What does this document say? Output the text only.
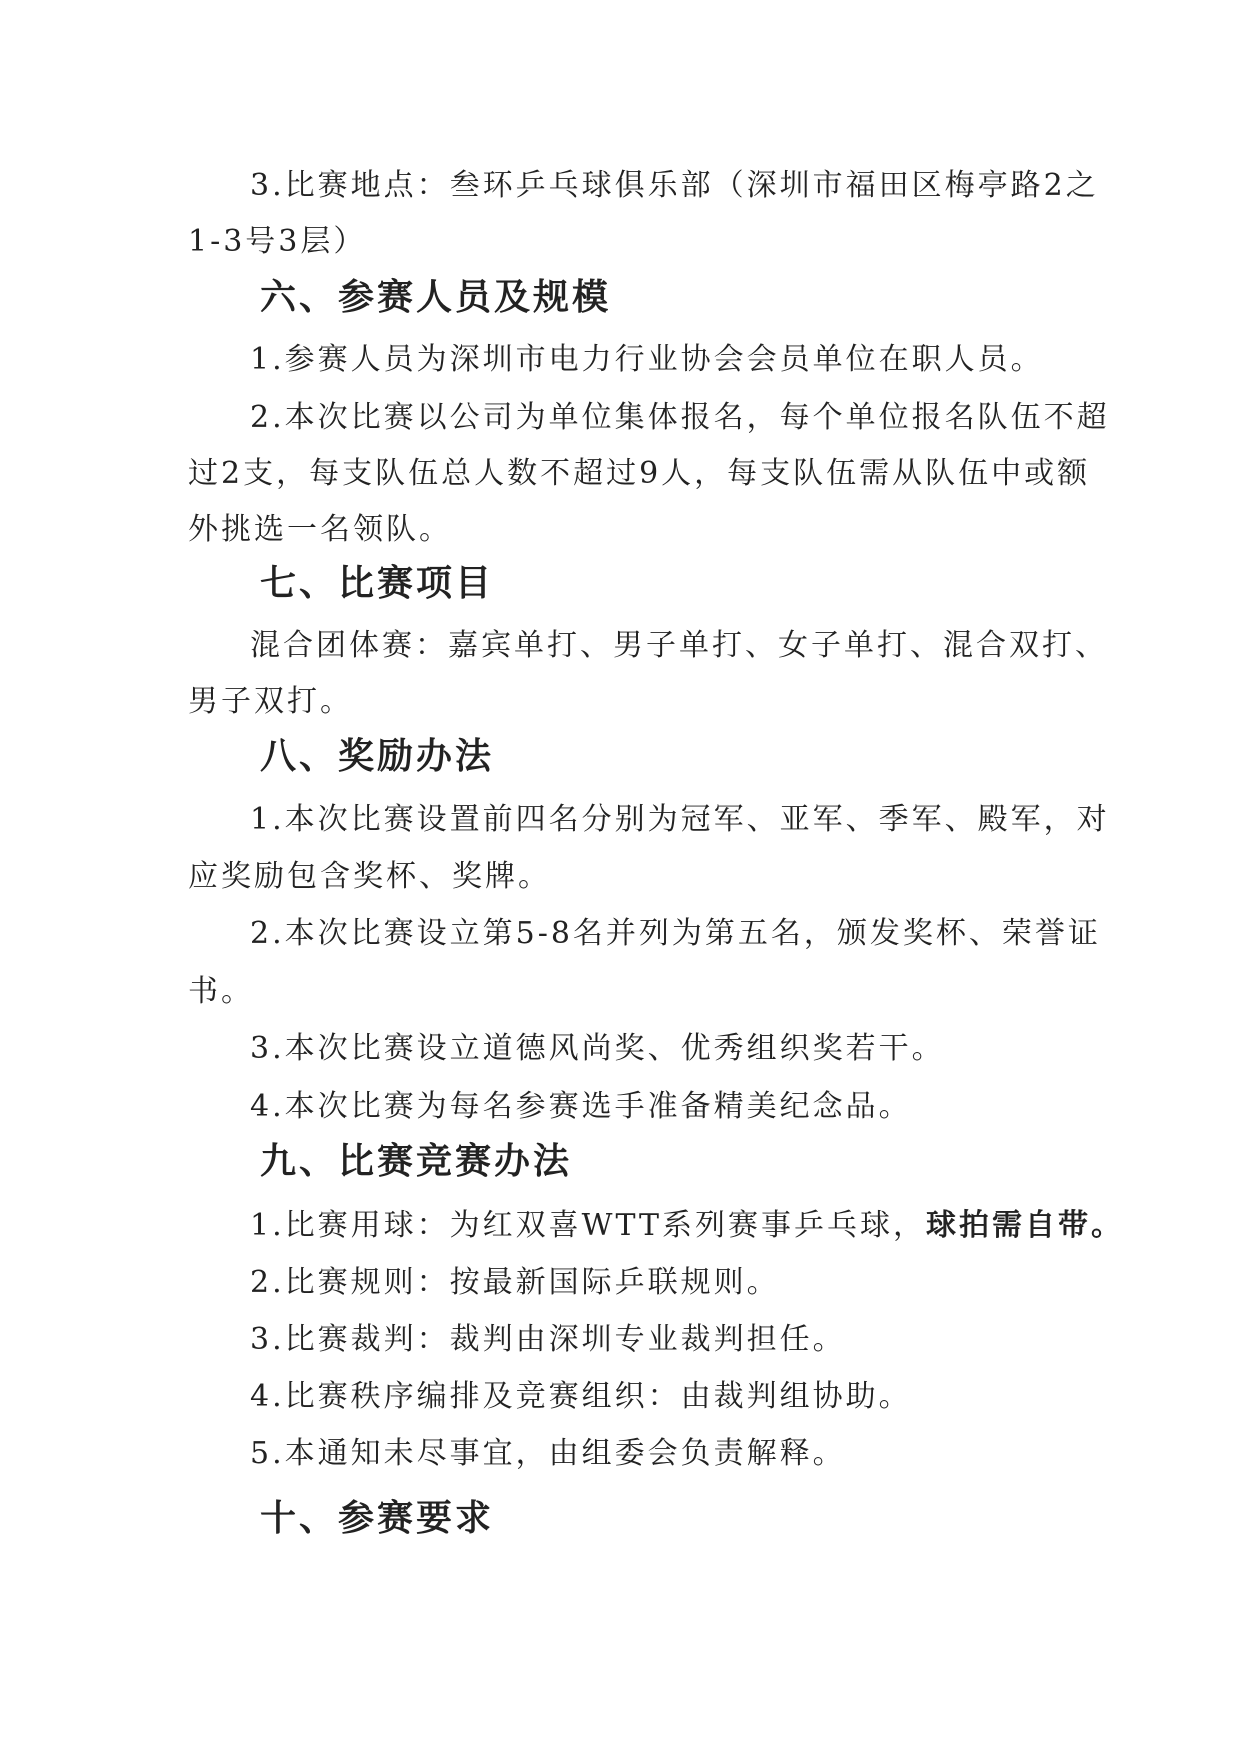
3.比赛地点：叁环乒乓球俱乐部（深圳市福田区梅亭路2之
1-3号3层）
六、参赛人员及规模
1.参赛人员为深圳市电力行业协会会员单位在职人员。
2.本次比赛以公司为单位集体报名，每个单位报名队伍不超
过2支，每支队伍总人数不超过9人，每支队伍需从队伍中或额
外挑选一名领队。
七、比赛项目
混合团体赛：嘉宾单打、男子单打、女子单打、混合双打、
男子双打。
八、奖励办法
1.本次比赛设置前四名分别为冠军、亚军、季军、殿军，对
应奖励包含奖杯、奖牌。
2.本次比赛设立第5-8名并列为第五名，颁发奖杯、荣誉证
书。
3.本次比赛设立道德风尚奖、优秀组织奖若干。
4.本次比赛为每名参赛选手准备精美纪念品。
九、比赛竞赛办法
1.比赛用球：为红双喜WTT系列赛事乒乓球，球拍需自带。
2.比赛规则：按最新国际乒联规则。
3.比赛裁判：裁判由深圳专业裁判担任。
4.比赛秩序编排及竞赛组织：由裁判组协助。
5.本通知未尽事宜，由组委会负责解释。
十、参赛要求
